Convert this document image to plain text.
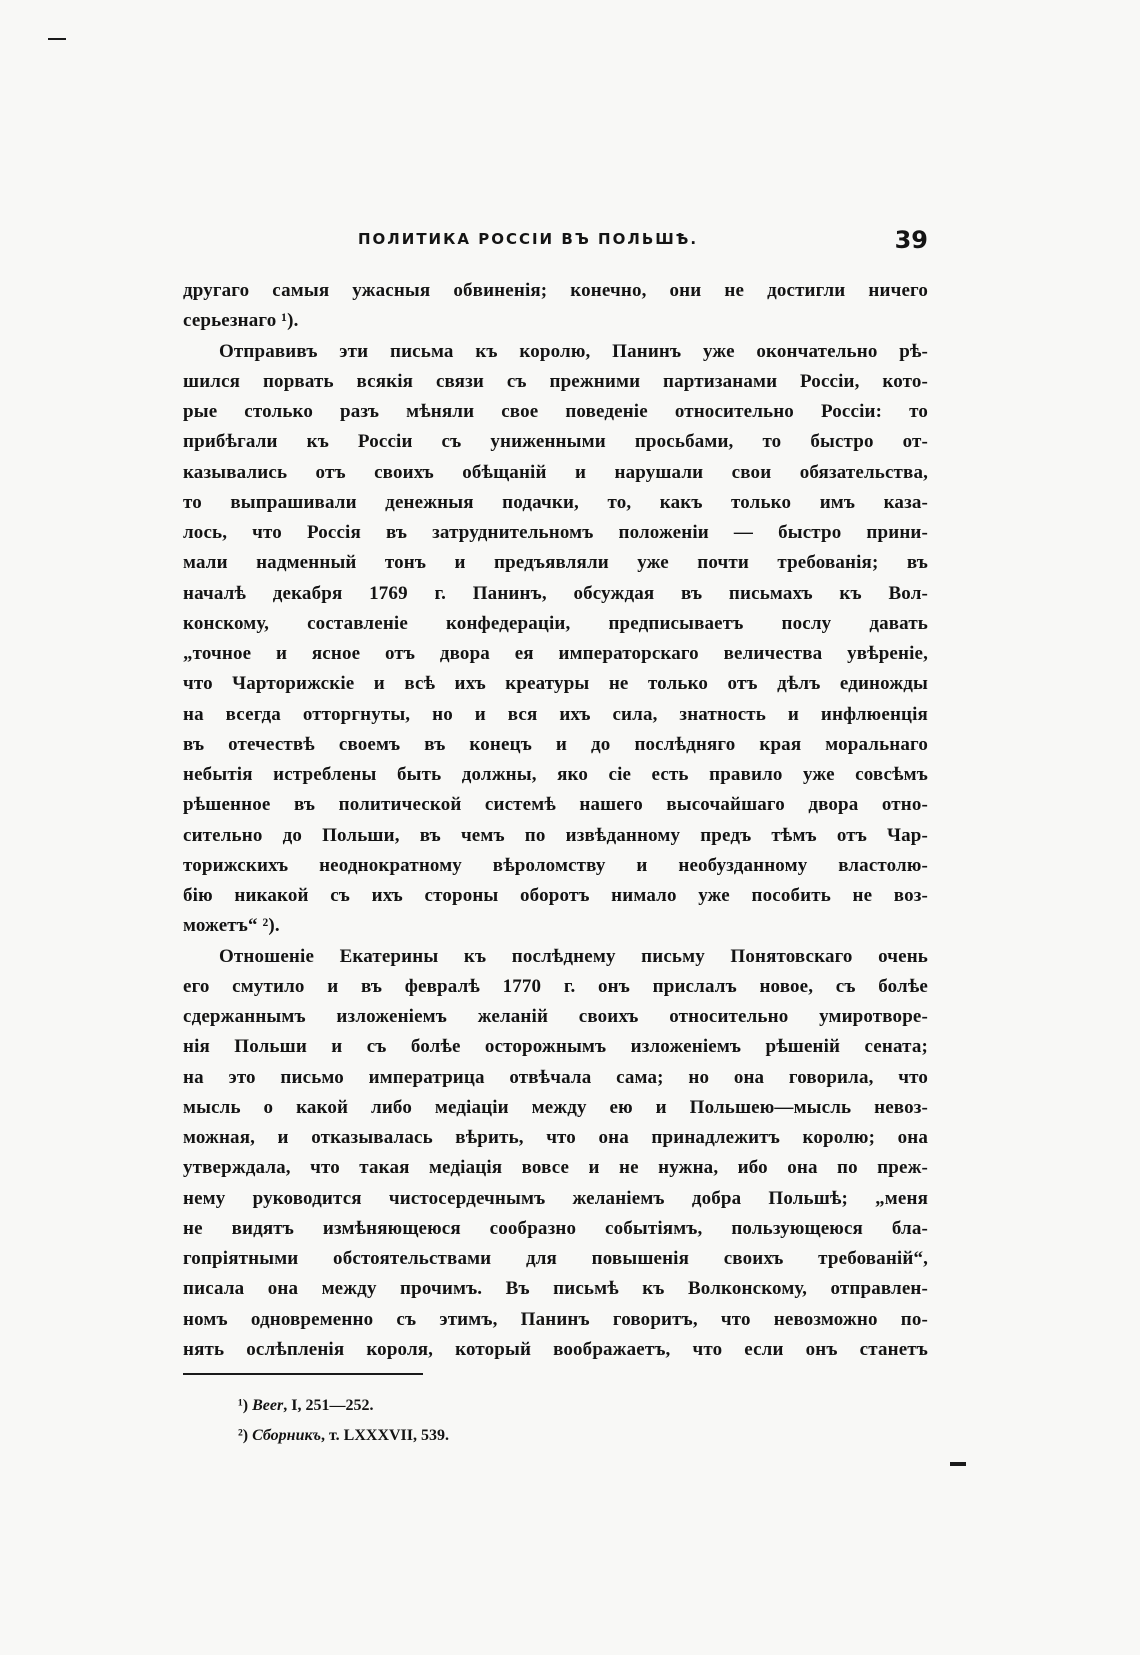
ПОЛИТИКА РОССІИ ВЪ ПОЛЬШѢ.	39
другаго самыя ужасныя обвиненія; конечно, они не достигли ничего
серьезнаго ¹).
Отправивъ эти письма къ королю, Панинъ уже окончательно рѣ-
шился порвать всякія связи съ прежними партизанами Россіи, кото-
рые столько разъ мѣняли свое поведеніе относительно Россіи: то
прибѣгали къ Россіи съ униженными просьбами, то быстро от-
казывались отъ своихъ обѣщаній и нарушали свои обязательства,
то выпрашивали денежныя подачки, то, какъ только имъ каза-
лось, что Россія въ затруднительномъ положеніи — быстро прини-
мали надменный тонъ и предъявляли уже почти требованія; въ
началѣ декабря 1769 г. Панинъ, обсуждая въ письмахъ къ Вол-
конскому, составленіе конфедераціи, предписываетъ послу давать
„точное и ясное отъ двора ея императорскаго величества увѣреніе,
что Чарторижскіе и всѣ ихъ креатуры не только отъ дѣлъ единожды
на всегда отторгнуты, но и вся ихъ сила, знатность и инфлюенція
въ отечествѣ своемъ въ конецъ и до послѣдняго края моральнаго
небытія истреблены быть должны, яко сіе есть правило уже совсѣмъ
рѣшенное въ политической системѣ нашего высочайшаго двора отно-
сительно до Польши, въ чемъ по извѣданному предъ тѣмъ отъ Чар-
торижскихъ неоднократному вѣроломству и необузданному властолю-
бію никакой съ ихъ стороны оборотъ нимало уже пособить не воз-
можетъ“ ²).
Отношеніе Екатерины къ послѣднему письму Понятовскаго очень
его смутило и въ февралѣ 1770 г. онъ прислалъ новое, съ болѣе
сдержаннымъ изложеніемъ желаній своихъ относительно умиротворе-
нія Польши и съ болѣе осторожнымъ изложеніемъ рѣшеній сената;
на это письмо императрица отвѣчала сама; но она говорила, что
мысль о какой либо медіаціи между ею и Польшею—мысль невоз-
можная, и отказывалась вѣрить, что она принадлежитъ королю; она
утверждала, что такая медіація вовсе и не нужна, ибо она по преж-
нему руководится чистосердечнымъ желаніемъ добра Польшѣ; „меня
не видятъ измѣняющеюся сообразно событіямъ, пользующеюся бла-
гопріятными обстоятельствами для повышенія своихъ требованій“,
писала она между прочимъ. Въ письмѣ къ Волконскому, отправлен-
номъ одновременно съ этимъ, Панинъ говоритъ, что невозможно по-
нять ослѣпленія короля, который воображаетъ, что если онъ станетъ
¹) Beer, I, 251—252.
²) Сборникъ, т. LXXXVII, 539.
